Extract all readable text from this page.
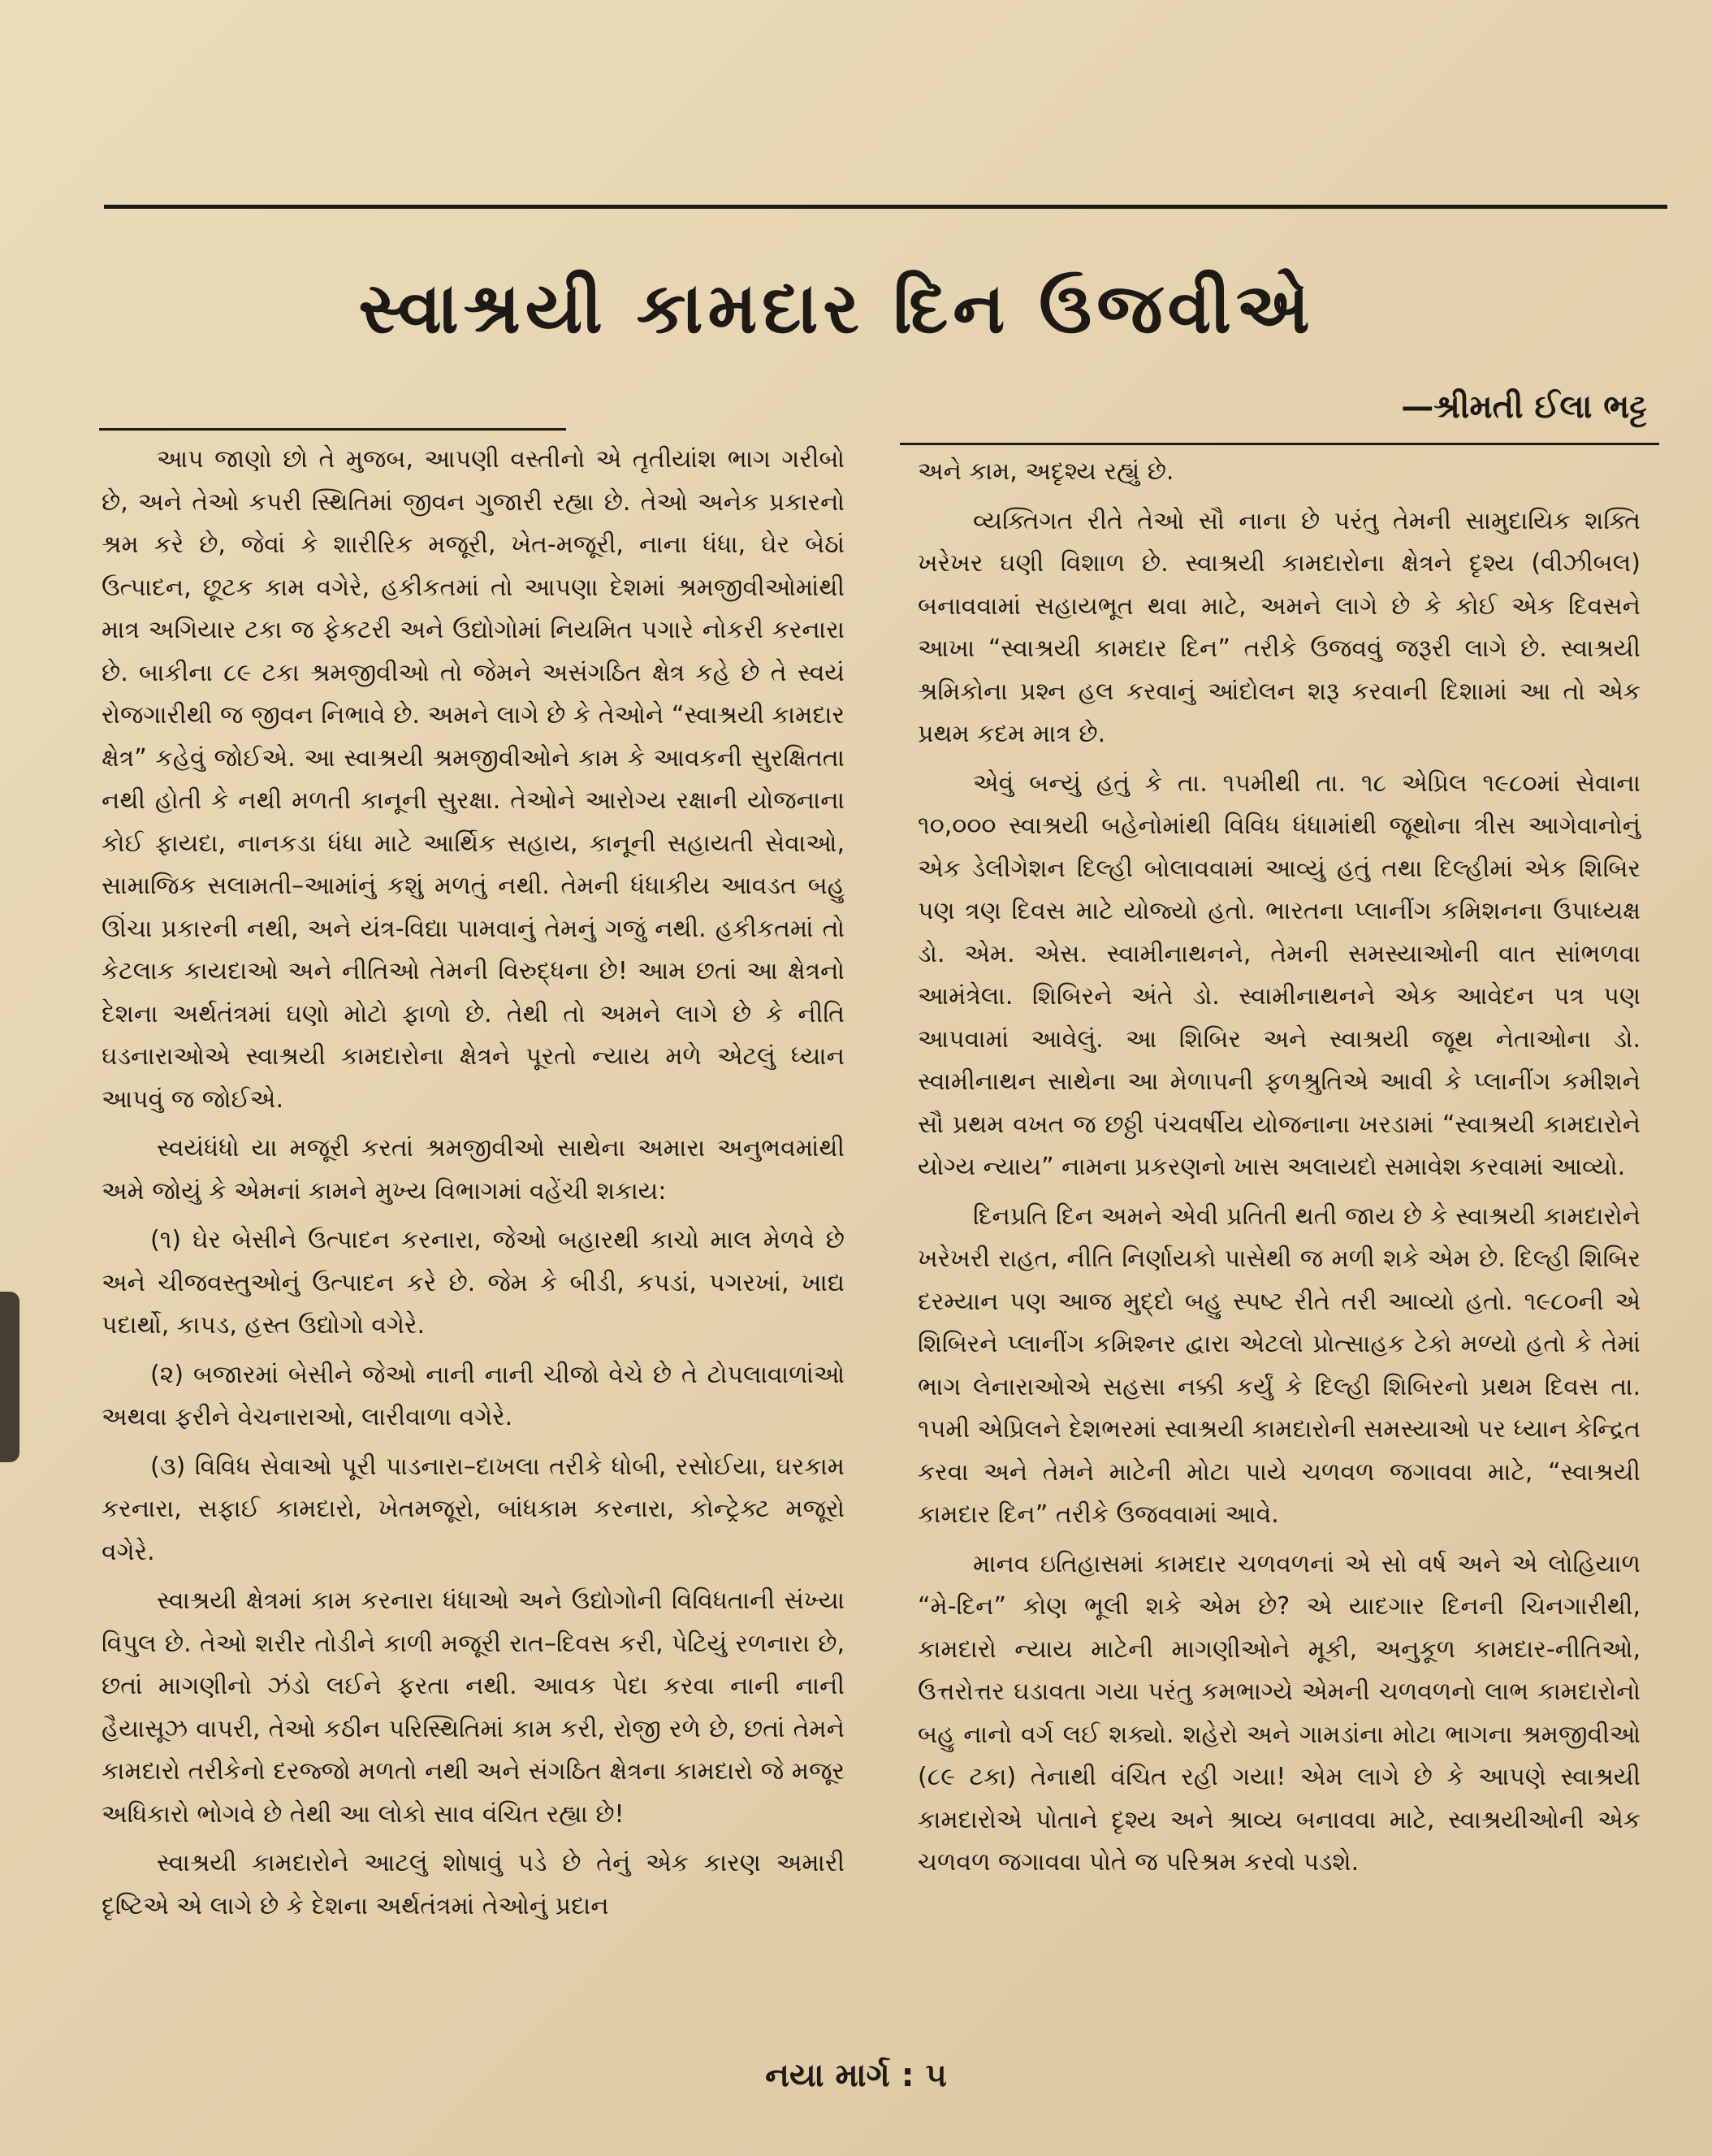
સ્વાશ્રયી કામદાર દિન ઉજવીએ
—શ્રીમતી ઈલા ભટ્ટ

આપ જાણો છો તે મુજબ, આપણી વસ્તીનો એ તૃતીયાંશ ભાગ ગરીબો છે, અને તેઓ કપરી સ્થિતિમાં જીવન ગુજારી રહ્યા છે. તેઓ અનેક પ્રકારનો શ્રમ કરે છે, જેવાં કે શારીરિક મજૂરી, ખેત-મજૂરી, નાના ધંધા, ઘેર બેઠાં ઉત્પાદન, છૂટક કામ વગેરે, હકીકતમાં તો આપણા દેશમાં શ્રમજીવીઓમાંથી માત્ર અગિયાર ટકા જ ફેકટરી અને ઉદ્યોગોમાં નિયમિત પગારે નોકરી કરનારા છે. બાકીના ૮૯ ટકા શ્રમજીવીઓ તો જેમને અસંગઠિત ક્ષેત્ર કહે છે તે સ્વયં રોજગારીથી જ જીવન નિભાવે છે. અમને લાગે છે કે તેઓને “સ્વાશ્રયી કામદાર ક્ષેત્ર” કહેવું જોઈએ. આ સ્વાશ્રયી શ્રમજીવીઓને કામ કે આવકની સુરક્ષિતતા નથી હોતી કે નથી મળતી કાનૂની સુરક્ષા. તેઓને આરોગ્ય રક્ષાની યોજનાના કોઈ ફાયદા, નાનકડા ધંધા માટે આર્થિક સહાય, કાનૂની સહાયતી સેવાઓ, સામાજિક સલામતી–આમાંનું કશું મળતું નથી. તેમની ધંધાકીય આવડત બહુ ઊંચા પ્રકારની નથી, અને યંત્ર-વિદ્યા પામવાનું તેમનું ગજું નથી. હકીકતમાં તો કેટલાક કાયદાઓ અને નીતિઓ તેમની વિરુદ્ધના છે! આમ છતાં આ ક્ષેત્રનો દેશના અર્થતંત્રમાં ઘણો મોટો ફાળો છે. તેથી તો અમને લાગે છે કે નીતિ ઘડનારાઓએ સ્વાશ્રયી કામદારોના ક્ષેત્રને પૂરતો ન્યાય મળે એટલું ધ્યાન આપવું જ જોઈએ.

સ્વયંધંધો યા મજૂરી કરતાં શ્રમજીવીઓ સાથેના અમારા અનુભવમાંથી અમે જોયું કે એમનાં કામને મુખ્ય વિભાગમાં વહેંચી શકાય:

(૧) ઘેર બેસીને ઉત્પાદન કરનારા, જેઓ બહારથી કાચો માલ મેળવે છે અને ચીજવસ્તુઓનું ઉત્પાદન કરે છે. જેમ કે બીડી, કપડાં, પગરખાં, ખાદ્ય પદાર્થો, કાપડ, હસ્ત ઉદ્યોગો વગેરે.

(૨) બજારમાં બેસીને જેઓ નાની નાની ચીજો વેચે છે તે ટોપલાવાળાંઓ અથવા ફરીને વેચનારાઓ, લારીવાળા વગેરે.

(૩) વિવિધ સેવાઓ પૂરી પાડનારા–દાખલા તરીકે ધોબી, રસોઈયા, ઘરકામ કરનારા, સફાઈ કામદારો, ખેતમજૂરો, બાંધકામ કરનારા, કોન્ટ્રેક્ટ મજૂરો વગેરે.

સ્વાશ્રયી ક્ષેત્રમાં કામ કરનારા ધંધાઓ અને ઉદ્યોગોની વિવિધતાની સંખ્યા વિપુલ છે. તેઓ શરીર તોડીને કાળી મજૂરી રાત–દિવસ કરી, પેટિયું રળનારા છે, છતાં માગણીનો ઝંડો લઈને ફરતા નથી. આવક પેદા કરવા નાની નાની હૈયાસૂઝ વાપરી, તેઓ કઠીન પરિસ્થિતિમાં કામ કરી, રોજી રળે છે, છતાં તેમને કામદારો તરીકેનો દરજ્જો મળતો નથી અને સંગઠિત ક્ષેત્રના કામદારો જે મજૂર અધિકારો ભોગવે છે તેથી આ લોકો સાવ વંચિત રહ્યા છે!

સ્વાશ્રયી કામદારોને આટલું શોષાવું પડે છે તેનું એક કારણ અમારી દૃષ્ટિએ એ લાગે છે કે દેશના અર્થતંત્રમાં તેઓનું પ્રદાન

અને કામ, અદૃશ્ય રહ્યું છે.

વ્યક્તિગત રીતે તેઓ સૌ નાના છે પરંતુ તેમની સામુદાયિક શક્તિ ખરેખર ઘણી વિશાળ છે. સ્વાશ્રયી કામદારોના ક્ષેત્રને દૃશ્ય (વીઝીબલ) બનાવવામાં સહાયભૂત થવા માટે, અમને લાગે છે કે કોઈ એક દિવસને આખા “સ્વાશ્રયી કામદાર દિન” તરીકે ઉજવવું જરૂરી લાગે છે. સ્વાશ્રયી શ્રમિકોના પ્રશ્ન હલ કરવાનું આંદોલન શરૂ કરવાની દિશામાં આ તો એક પ્રથમ કદમ માત્ર છે.

એવું બન્યું હતું કે તા. ૧૫મીથી તા. ૧૮ એપ્રિલ ૧૯૮૦માં સેવાના ૧૦,૦૦૦ સ્વાશ્રયી બહેનોમાંથી વિવિધ ધંધામાંથી જૂથોના ત્રીસ આગેવાનોનું એક ડેલીગેશન દિલ્હી બોલાવવામાં આવ્યું હતું તથા દિલ્હીમાં એક શિબિર પણ ત્રણ દિવસ માટે યોજ્યો હતો. ભારતના પ્લાનીંગ કમિશનના ઉપાધ્યક્ષ ડો. એમ. એસ. સ્વામીનાથનને, તેમની સમસ્યાઓની વાત સાંભળવા આમંત્રેલા. શિબિરને અંતે ડો. સ્વામીનાથનને એક આવેદન પત્ર પણ આપવામાં આવેલું. આ શિબિર અને સ્વાશ્રયી જૂથ નેતાઓના ડો. સ્વામીનાથન સાથેના આ મેળાપની ફળશ્રુતિએ આવી કે પ્લાનીંગ કમીશને સૌ પ્રથમ વખત જ છઠ્ઠી પંચવર્ષીય યોજનાના ખરડામાં “સ્વાશ્રયી કામદારોને યોગ્ય ન્યાય” નામના પ્રકરણનો ખાસ અલાયદો સમાવેશ કરવામાં આવ્યો.

દિનપ્રતિ દિન અમને એવી પ્રતિતી થતી જાય છે કે સ્વાશ્રયી કામદારોને ખરેખરી રાહત, નીતિ નિર્ણાયકો પાસેથી જ મળી શકે એમ છે. દિલ્હી શિબિર દરમ્યાન પણ આજ મુદ્દો બહુ સ્પષ્ટ રીતે તરી આવ્યો હતો. ૧૯૮૦ની એ શિબિરને પ્લાનીંગ કમિશ્નર દ્વારા એટલો પ્રોત્સાહક ટેકો મળ્યો હતો કે તેમાં ભાગ લેનારાઓએ સહસા નક્કી કર્યું કે દિલ્હી શિબિરનો પ્રથમ દિવસ તા. ૧૫મી એપ્રિલને દેશભરમાં સ્વાશ્રયી કામદારોની સમસ્યાઓ પર ધ્યાન કેન્દ્રિત કરવા અને તેમને માટેની મોટા પાયે ચળવળ જગાવવા માટે, “સ્વાશ્રયી કામદાર દિન” તરીકે ઉજવવામાં આવે.

માનવ ઇતિહાસમાં કામદાર ચળવળનાં એ સો વર્ષ અને એ લોહિયાળ “મે-દિન” કોણ ભૂલી શકે એમ છે? એ યાદગાર દિનની ચિનગારીથી, કામદારો ન્યાય માટેની માગણીઓને મૂકી, અનુકૂળ કામદાર-નીતિઓ, ઉત્તરોત્તર ઘડાવતા ગયા પરંતુ કમભાગ્યે એમની ચળવળનો લાભ કામદારોનો બહુ નાનો વર્ગ લઈ શક્યો. શહેરો અને ગામડાંના મોટા ભાગના શ્રમજીવીઓ (૮૯ ટકા) તેનાથી વંચિત રહી ગયા! એમ લાગે છે કે આપણે સ્વાશ્રયી કામદારોએ પોતાને દૃશ્ય અને શ્રાવ્ય બનાવવા માટે, સ્વાશ્રયીઓની એક ચળવળ જગાવવા પોતે જ પરિશ્રમ કરવો પડશે.

નયા માર્ગ : ૫
